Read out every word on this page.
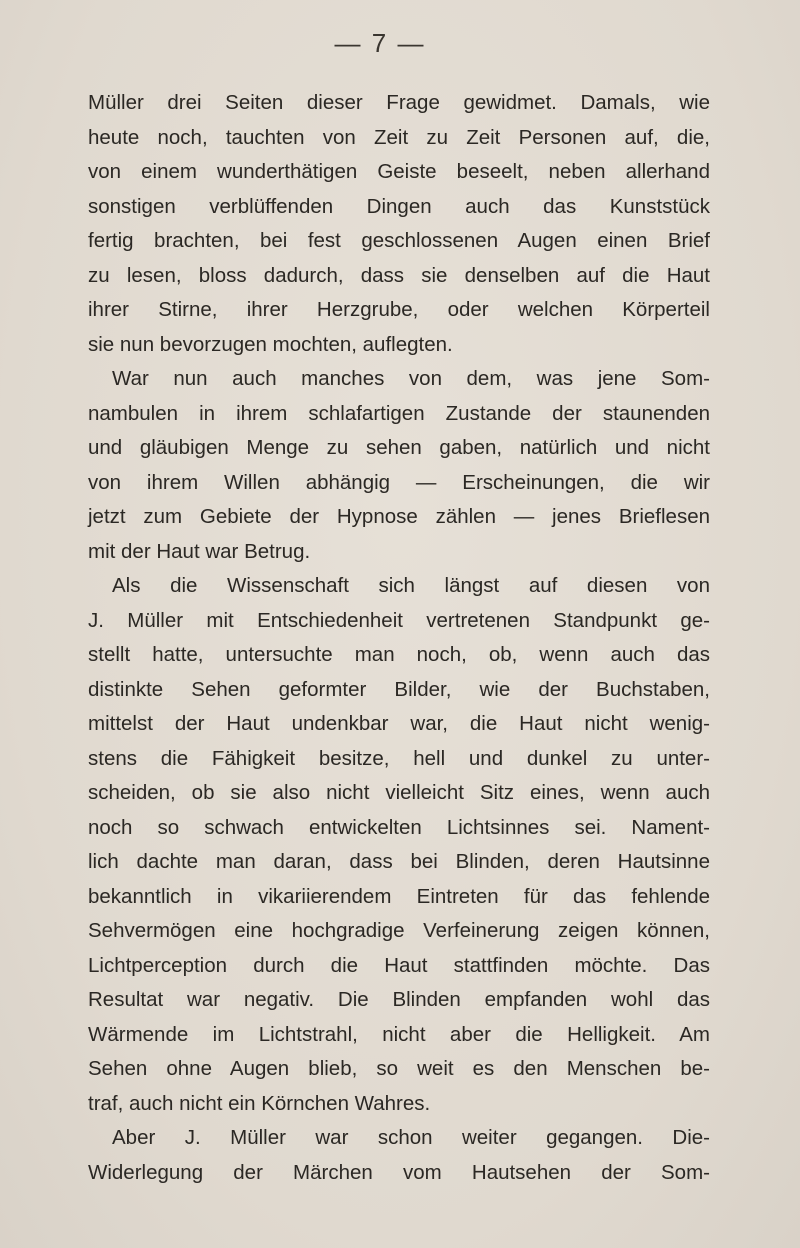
— 7 —
Müller drei Seiten dieser Frage gewidmet. Damals, wie
heute noch, tauchten von Zeit zu Zeit Personen auf, die,
von einem wunderthätigen Geiste beseelt, neben allerhand
sonstigen verblüffenden Dingen auch das Kunststück
fertig brachten, bei fest geschlossenen Augen einen Brief
zu lesen, bloss dadurch, dass sie denselben auf die Haut
ihrer Stirne, ihrer Herzgrube, oder welchen Körperteil
sie nun bevorzugen mochten, auflegten.
War nun auch manches von dem, was jene Som-
nambulen in ihrem schlafartigen Zustande der staunenden
und gläubigen Menge zu sehen gaben, natürlich und nicht
von ihrem Willen abhängig — Erscheinungen, die wir
jetzt zum Gebiete der Hypnose zählen — jenes Brieflesen
mit der Haut war Betrug.
Als die Wissenschaft sich längst auf diesen von
J. Müller mit Entschiedenheit vertretenen Standpunkt ge-
stellt hatte, untersuchte man noch, ob, wenn auch das
distinkte Sehen geformter Bilder, wie der Buchstaben,
mittelst der Haut undenkbar war, die Haut nicht wenig-
stens die Fähigkeit besitze, hell und dunkel zu unter-
scheiden, ob sie also nicht vielleicht Sitz eines, wenn auch
noch so schwach entwickelten Lichtsinnes sei. Nament-
lich dachte man daran, dass bei Blinden, deren Hautsinne
bekanntlich in vikariierendem Eintreten für das fehlende
Sehvermögen eine hochgradige Verfeinerung zeigen können,
Lichtperception durch die Haut stattfinden möchte. Das
Resultat war negativ. Die Blinden empfanden wohl das
Wärmende im Lichtstrahl, nicht aber die Helligkeit. Am
Sehen ohne Augen blieb, so weit es den Menschen be-
traf, auch nicht ein Körnchen Wahres.
Aber J. Müller war schon weiter gegangen. Die-
Widerlegung der Märchen vom Hautsehen der Som-
